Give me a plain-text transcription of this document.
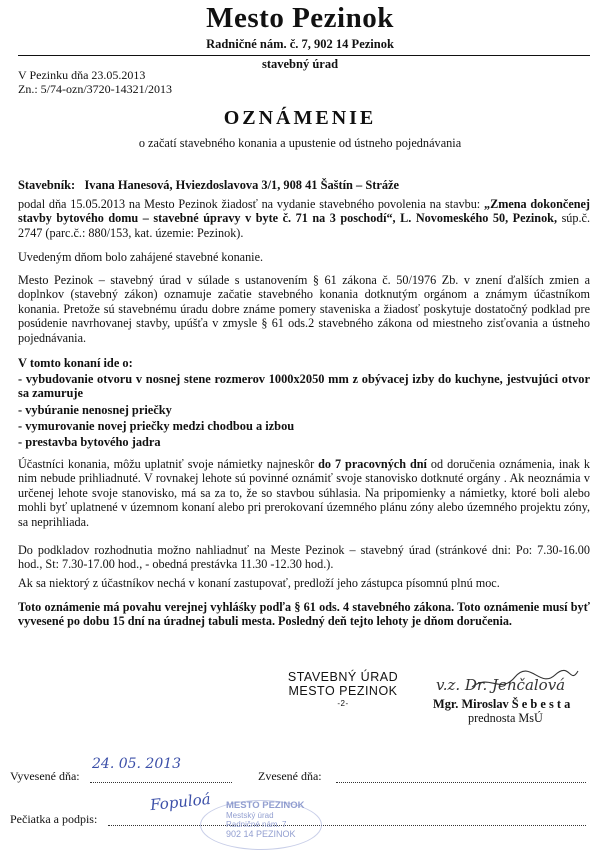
Mesto Pezinok
Radničné nám. č. 7, 902 14 Pezinok
stavebný úrad
V Pezinku dňa 23.05.2013
Zn.: 5/74-ozn/3720-14321/2013
OZNÁMENIE
o začatí stavebného konania a upustenie od ústneho pojednávania
Stavebník: Ivana Hanesová, Hviezdoslavova 3/1, 908 41 Šaštín – Stráže
podal dňa 15.05.2013 na Mesto Pezinok žiadosť na vydanie stavebného povolenia na stavbu: „Zmena dokončenej stavby bytového domu – stavebné úpravy v byte č. 71 na 3 poschodí“, L. Novomeského 50, Pezinok, súp.č. 2747 (parc.č.: 880/153, kat. územie: Pezinok).
Uvedeným dňom bolo zahájené stavebné konanie.
Mesto Pezinok – stavebný úrad v súlade s ustanovením § 61 zákona č. 50/1976 Zb. v znení ďalších zmien a doplnkov (stavebný zákon) oznamuje začatie stavebného konania dotknutým orgánom a známym účastníkom konania. Pretože sú stavebnému úradu dobre známe pomery staveniska a žiadosť poskytuje dostatočný podklad pre posúdenie navrhovanej stavby, upúšťa v zmysle § 61 ods.2 stavebného zákona od miestneho zisťovania a ústneho pojednávania.
V tomto konaní ide o:
- vybudovanie otvoru v nosnej stene rozmerov 1000x2050 mm z obývacej izby do kuchyne, jestvujúci otvor sa zamuruje
- vybúranie nenosnej priečky
- vymurovanie novej priečky medzi chodbou a izbou
- prestavba bytového jadra
Účastníci konania, môžu uplatniť svoje námietky najneskôr do 7 pracovných dní od doručenia oznámenia, inak k nim nebude prihliadnuté. V rovnakej lehote sú povinné oznámiť svoje stanovisko dotknuté orgány . Ak neoznámia v určenej lehote svoje stanovisko, má sa za to, že so stavbou súhlasia. Na pripomienky a námietky, ktoré boli alebo mohli byť uplatnené v územnom konaní alebo pri prerokovaní územného plánu zóny alebo územného projektu zóny, sa neprihliada.
Do podkladov rozhodnutia možno nahliadnuť na Meste Pezinok – stavebný úrad (stránkové dni: Po: 7.30-16.00 hod., St: 7.30-17.00 hod., - obedná prestávka 11.30 -12.30 hod.).
Ak sa niektorý z účastníkov nechá v konaní zastupovať, predloží jeho zástupca písomnú plnú moc.
Toto oznámenie má povahu verejnej vyhláśky podľa § 61 ods. 4 stavebného zákona. Toto oznámenie musí byť vyvesené po dobu 15 dní na úradnej tabuli mesta. Posledný deň tejto lehoty je dňom doručenia.
STAVEBNÝ ÚRAD
MESTO PEZINOK
-2-
v.z. Dr. Jenčalová
Mgr. Miroslav Š e b e s t a
prednosta MsÚ
Vyvesené dňa:
24. 05. 2013
Zvesené dňa:
Pečiatka a podpis:
Fopuloá MESTO PEZINOK
Mestský úrad
Radničné nám. 7
902 14 PEZINOK
